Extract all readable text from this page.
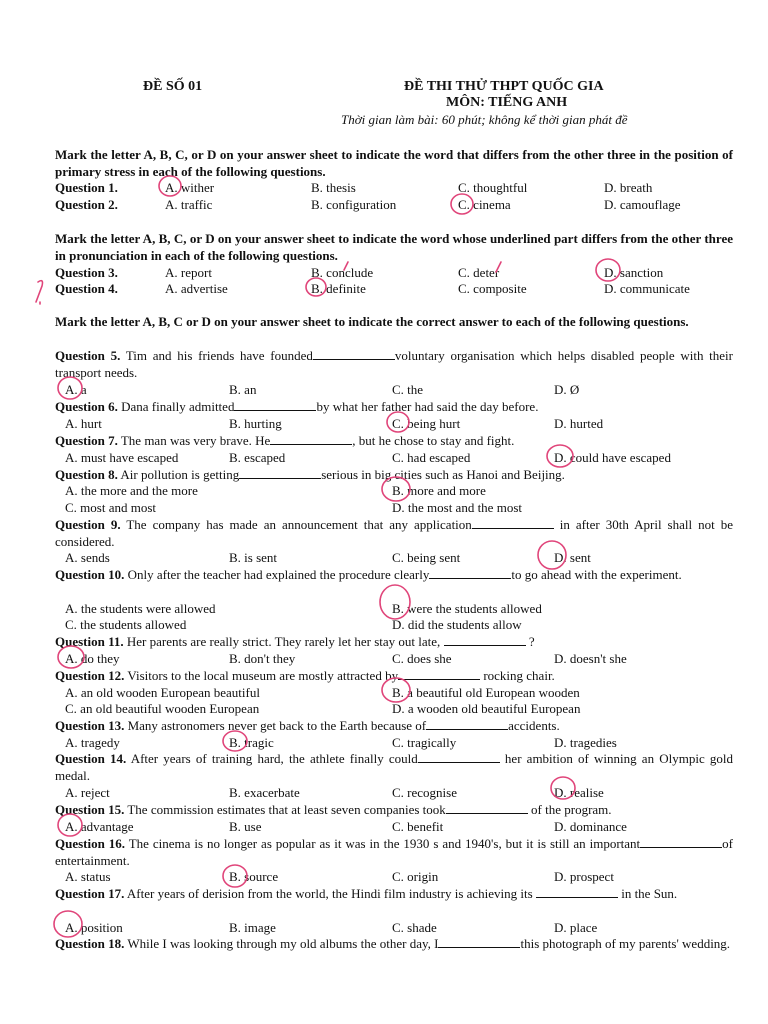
ĐỀ SỐ 01	ĐỀ THI THỬ THPT QUỐC GIA
MÔN: TIẾNG ANH
Thời gian làm bài: 60 phút; không kể thời gian phát đề
Mark the letter A, B, C, or D on your answer sheet to indicate the word that differs from the other three in the position of primary stress in each of the following questions.
Question 1.	A. wither	B. thesis	C. thoughtful	D. breath
Question 2.	A. traffic	B. configuration	C. cinema	D. camouflage
Mark the letter A, B, C, or D on your answer sheet to indicate the word whose underlined part differs from the other three in pronunciation in each of the following questions.
Question 3.	A. report	B. conclude	C. deter	D. sanction
Question 4.	A. advertise	B. definite	C. composite	D. communicate
Mark the letter A, B, C or D on your answer sheet to indicate the correct answer to each of the following questions.
Question 5. Tim and his friends have founded	voluntary organisation which helps disabled people with their transport needs.
A. a	B. an	C. the	D. Ø
Question 6. Dana finally admitted	by what her father had said the day before.
A. hurt	B. hurting	C. being hurt	D. hurted
Question 7. The man was very brave. He	, but he chose to stay and fight.
A. must have escaped	B. escaped	C. had escaped	D. could have escaped
Question 8. Air pollution is getting	serious in big cities such as Hanoi and Beijing.
A. the more and the more	B. more and more
C. most and most	D. the most and the most
Question 9. The company has made an announcement that any application	in after 30th April shall not be considered.
A. sends	B. is sent	C. being sent	D. sent
Question 10. Only after the teacher had explained the procedure clearly	to go ahead with the experiment.
A. the students were allowed	B. were the students allowed
C. the students allowed	D. did the students allow
Question 11. Her parents are really strict. They rarely let her stay out late,	?
A. do they	B. don't they	C. does she	D. doesn't she
Question 12. Visitors to the local museum are mostly attracted by	rocking chair.
A. an old wooden European beautiful	B. a beautiful old European wooden
C. an old beautiful wooden European	D. a wooden old beautiful European
Question 13. Many astronomers never get back to the Earth because of	accidents.
A. tragedy	B. tragic	C. tragically	D. tragedies
Question 14. After years of training hard, the athlete finally could	her ambition of winning an Olympic gold medal.
A. reject	B. exacerbate	C. recognise	D. realise
Question 15. The commission estimates that at least seven companies took	of the program.
A. advantage	B. use	C. benefit	D. dominance
Question 16. The cinema is no longer as popular as it was in the 1930 s and 1940's, but it is still an important	of entertainment.
A. status	B. source	C. origin	D. prospect
Question 17. After years of derision from the world, the Hindi film industry is achieving its	in the Sun.
A. position	B. image	C. shade	D. place
Question 18. While I was looking through my old albums the other day, I	this photograph of my parents' wedding.
